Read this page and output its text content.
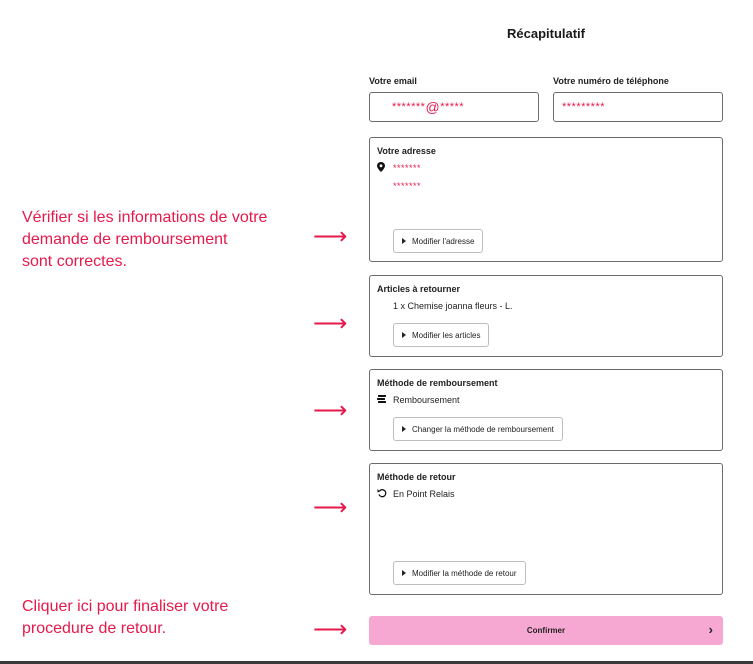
Récapitulatif
Votre email
******* @ *****
Votre numéro de téléphone
*********
Votre adresse
*******
*******
Modifier l'adresse
Articles à retourner
1 x Chemise joanna fleurs - L.
Modifier les articles
Méthode de remboursement
Remboursement
Changer la méthode de remboursement
Méthode de retour
En Point Relais
Modifier la méthode de retour
Confirmer	›
Vérifier si les informations de votre
demande de remboursement
sont correctes.
Cliquer ici pour finaliser votre
procedure de retour.
⟶
⟶
⟶
⟶
⟶
